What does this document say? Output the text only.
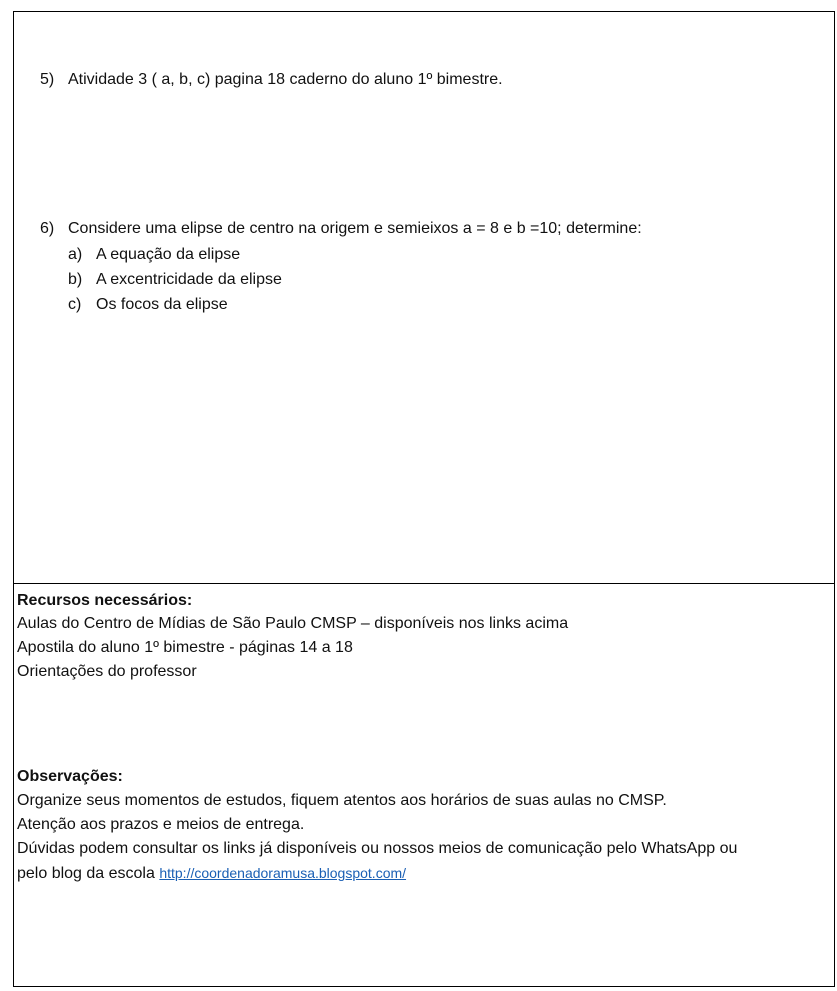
5) Atividade 3 ( a, b, c) pagina 18 caderno do aluno 1º bimestre.
6) Considere uma elipse de centro na origem e semieixos a = 8 e b =10; determine:
a) A equação da elipse
b) A excentricidade da elipse
c) Os focos da elipse
Recursos necessários:
Aulas do Centro de Mídias de São Paulo CMSP – disponíveis nos links acima
Apostila do aluno 1º bimestre - páginas 14 a 18
Orientações do professor
Observações:
Organize seus momentos de estudos, fiquem atentos aos horários de suas aulas no CMSP.
Atenção aos prazos e meios de entrega.
Dúvidas podem consultar os links já disponíveis ou nossos meios de comunicação pelo WhatsApp ou
pelo blog da escola http://coordenadoramusa.blogspot.com/
